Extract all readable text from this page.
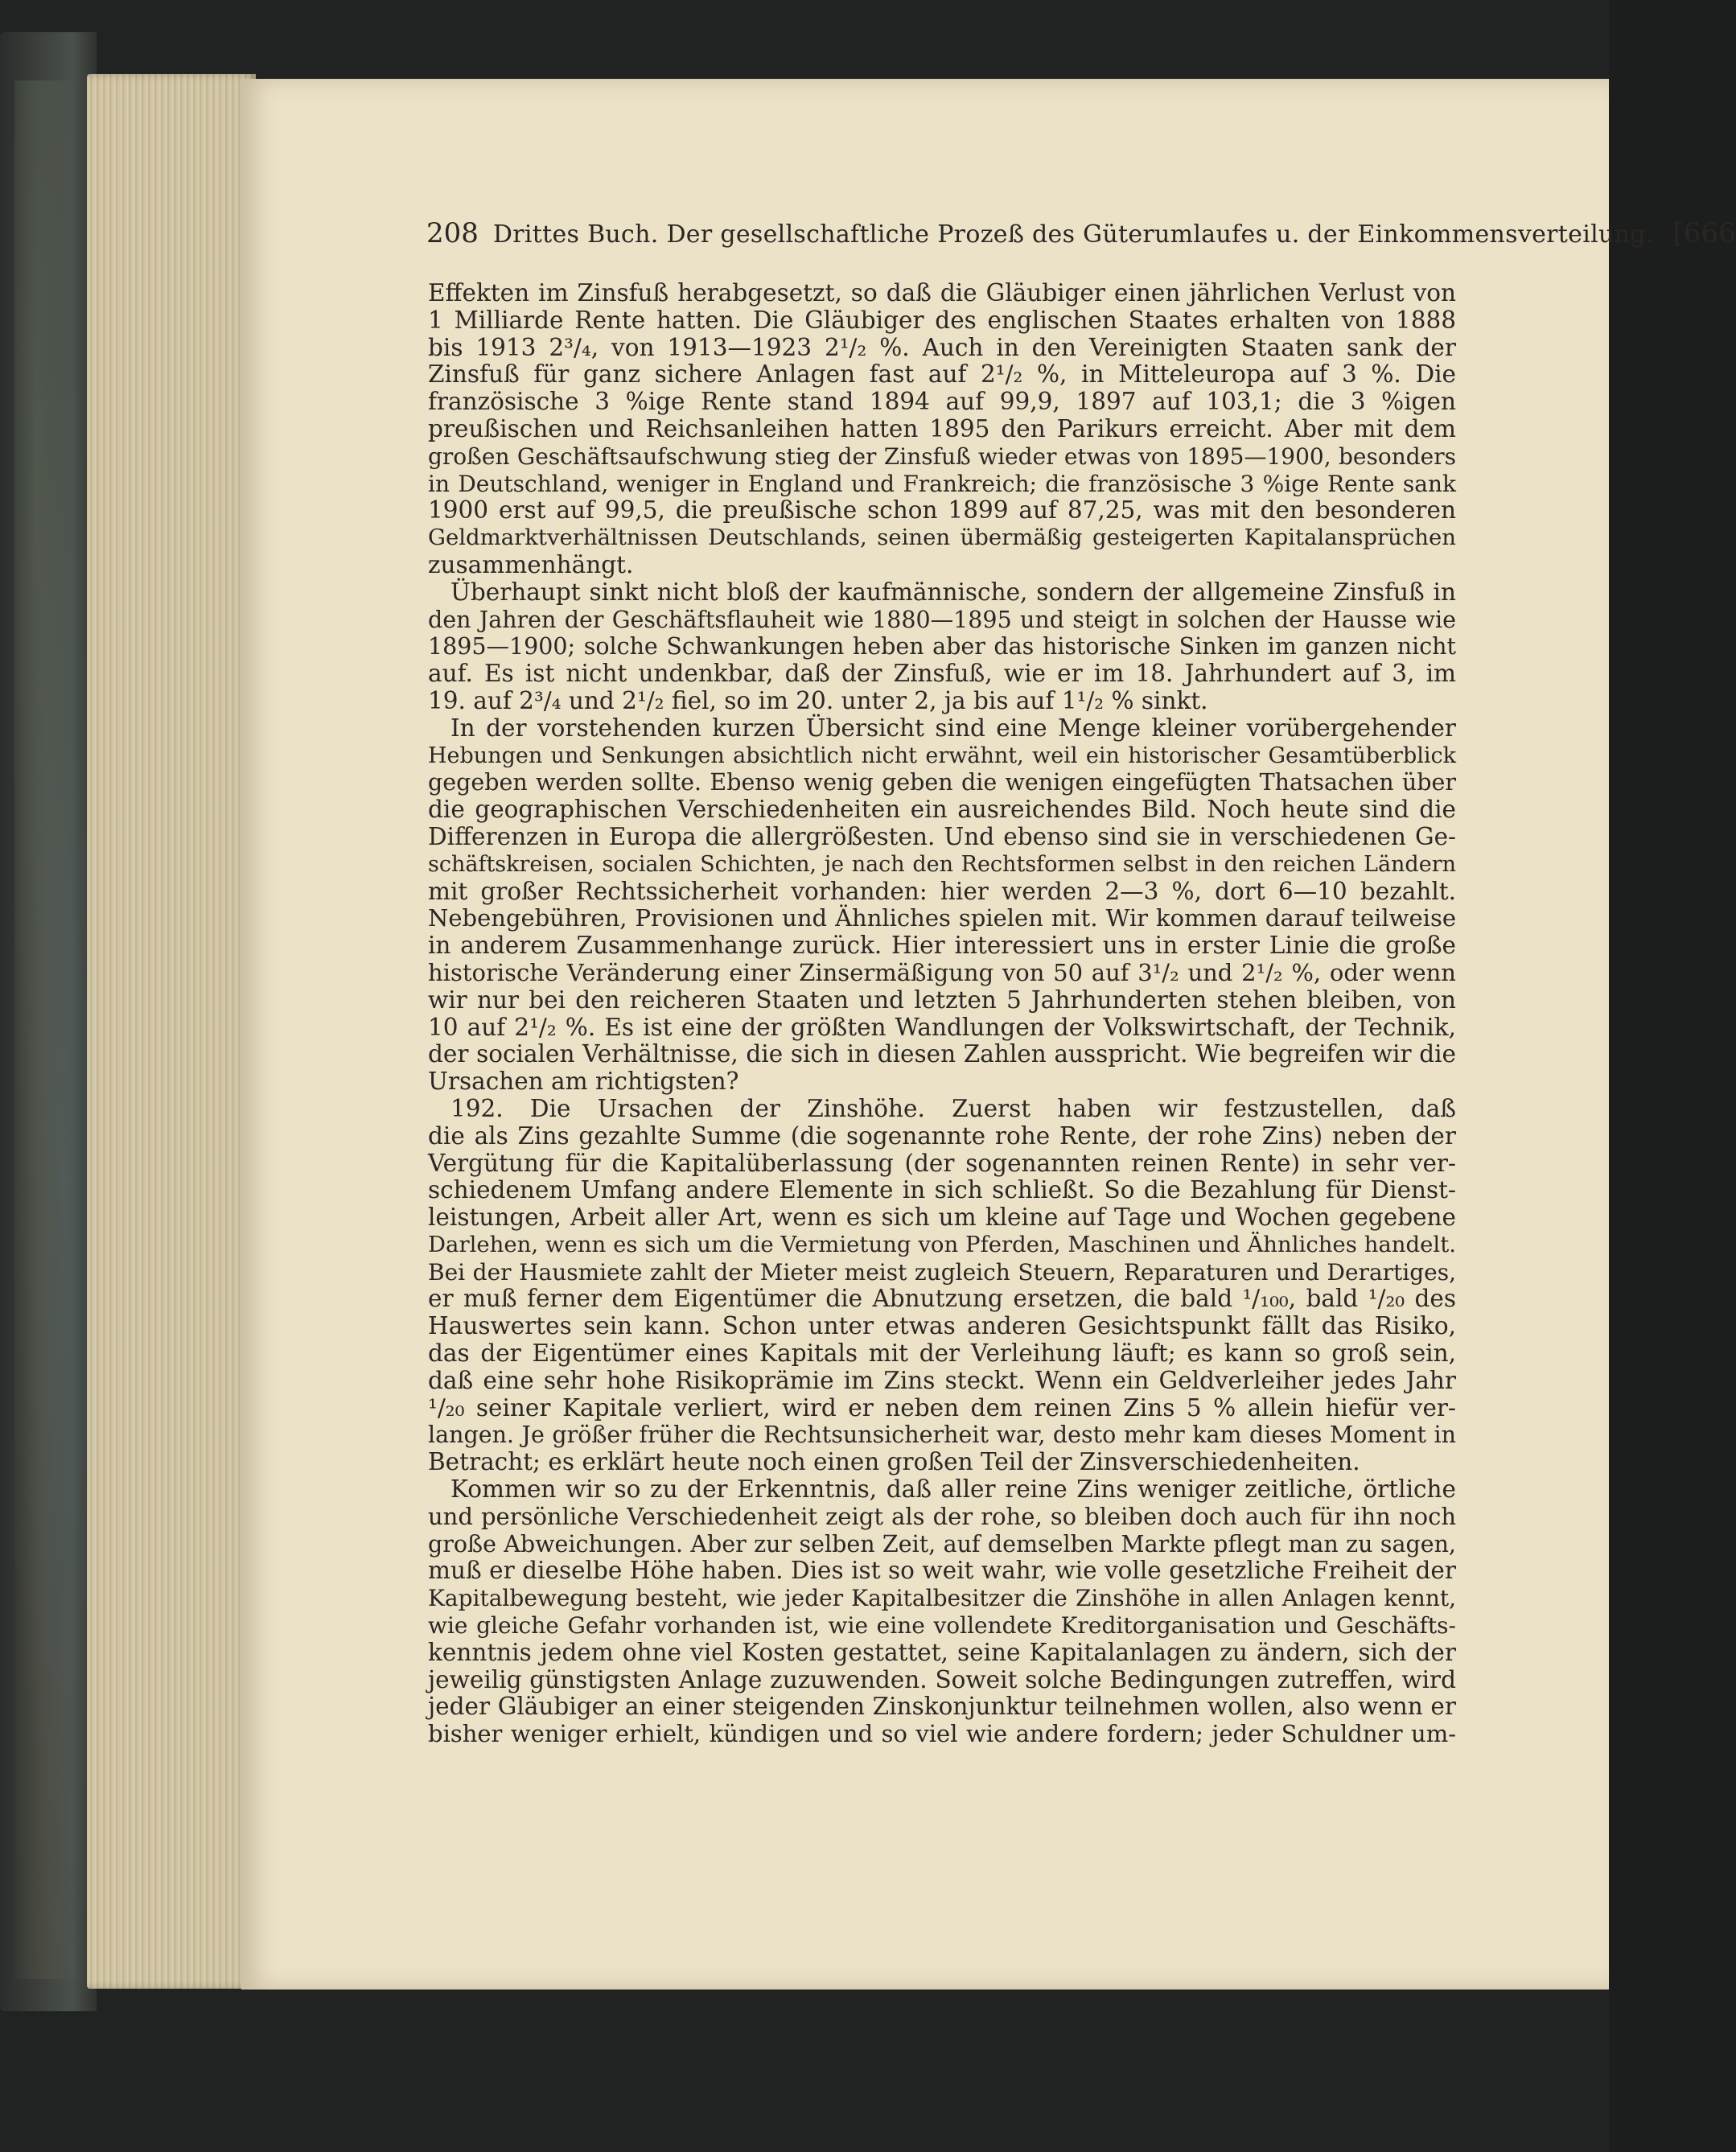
208 Drittes Buch. Der gesellschaftliche Prozeß des Güterumlaufes u. der Einkommensverteilung. [666
Effekten im Zinsfuß herabgesetzt, so daß die Gläubiger einen jährlichen Verlust von
1 Milliarde Rente hatten. Die Gläubiger des englischen Staates erhalten von 1888
bis 1913 2³/₄, von 1913—1923 2¹/₂ %. Auch in den Vereinigten Staaten sank der
Zinsfuß für ganz sichere Anlagen fast auf 2¹/₂ %, in Mitteleuropa auf 3 %. Die
französische 3 %ige Rente stand 1894 auf 99,9, 1897 auf 103,1; die 3 %igen
preußischen und Reichsanleihen hatten 1895 den Parikurs erreicht. Aber mit dem
großen Geschäftsaufschwung stieg der Zinsfuß wieder etwas von 1895—1900, besonders
in Deutschland, weniger in England und Frankreich; die französische 3 %ige Rente sank
1900 erst auf 99,5, die preußische schon 1899 auf 87,25, was mit den besonderen
Geldmarktverhältnissen Deutschlands, seinen übermäßig gesteigerten Kapitalansprüchen
zusammenhängt.
Überhaupt sinkt nicht bloß der kaufmännische, sondern der allgemeine Zinsfuß in
den Jahren der Geschäftsflauheit wie 1880—1895 und steigt in solchen der Hausse wie
1895—1900; solche Schwankungen heben aber das historische Sinken im ganzen nicht
auf. Es ist nicht undenkbar, daß der Zinsfuß, wie er im 18. Jahrhundert auf 3, im
19. auf 2³/₄ und 2¹/₂ fiel, so im 20. unter 2, ja bis auf 1¹/₂ % sinkt.
In der vorstehenden kurzen Übersicht sind eine Menge kleiner vorübergehender
Hebungen und Senkungen absichtlich nicht erwähnt, weil ein historischer Gesamtüberblick
gegeben werden sollte. Ebenso wenig geben die wenigen eingefügten Thatsachen über
die geographischen Verschiedenheiten ein ausreichendes Bild. Noch heute sind die
Differenzen in Europa die allergrößesten. Und ebenso sind sie in verschiedenen Ge-
schäftskreisen, socialen Schichten, je nach den Rechtsformen selbst in den reichen Ländern
mit großer Rechtssicherheit vorhanden: hier werden 2—3 %, dort 6—10 bezahlt.
Nebengebühren, Provisionen und Ähnliches spielen mit. Wir kommen darauf teilweise
in anderem Zusammenhange zurück. Hier interessiert uns in erster Linie die große
historische Veränderung einer Zinsermäßigung von 50 auf 3¹/₂ und 2¹/₂ %, oder wenn
wir nur bei den reicheren Staaten und letzten 5 Jahrhunderten stehen bleiben, von
10 auf 2¹/₂ %. Es ist eine der größten Wandlungen der Volkswirtschaft, der Technik,
der socialen Verhältnisse, die sich in diesen Zahlen ausspricht. Wie begreifen wir die
Ursachen am richtigsten?
192. Die Ursachen der Zinshöhe. Zuerst haben wir festzustellen, daß
die als Zins gezahlte Summe (die sogenannte rohe Rente, der rohe Zins) neben der
Vergütung für die Kapitalüberlassung (der sogenannten reinen Rente) in sehr ver-
schiedenem Umfang andere Elemente in sich schließt. So die Bezahlung für Dienst-
leistungen, Arbeit aller Art, wenn es sich um kleine auf Tage und Wochen gegebene
Darlehen, wenn es sich um die Vermietung von Pferden, Maschinen und Ähnliches handelt.
Bei der Hausmiete zahlt der Mieter meist zugleich Steuern, Reparaturen und Derartiges,
er muß ferner dem Eigentümer die Abnutzung ersetzen, die bald ¹/₁₀₀, bald ¹/₂₀ des
Hauswertes sein kann. Schon unter etwas anderen Gesichtspunkt fällt das Risiko,
das der Eigentümer eines Kapitals mit der Verleihung läuft; es kann so groß sein,
daß eine sehr hohe Risikoprämie im Zins steckt. Wenn ein Geldverleiher jedes Jahr
¹/₂₀ seiner Kapitale verliert, wird er neben dem reinen Zins 5 % allein hiefür ver-
langen. Je größer früher die Rechtsunsicherheit war, desto mehr kam dieses Moment in
Betracht; es erklärt heute noch einen großen Teil der Zinsverschiedenheiten.
Kommen wir so zu der Erkenntnis, daß aller reine Zins weniger zeitliche, örtliche
und persönliche Verschiedenheit zeigt als der rohe, so bleiben doch auch für ihn noch
große Abweichungen. Aber zur selben Zeit, auf demselben Markte pflegt man zu sagen,
muß er dieselbe Höhe haben. Dies ist so weit wahr, wie volle gesetzliche Freiheit der
Kapitalbewegung besteht, wie jeder Kapitalbesitzer die Zinshöhe in allen Anlagen kennt,
wie gleiche Gefahr vorhanden ist, wie eine vollendete Kreditorganisation und Geschäfts-
kenntnis jedem ohne viel Kosten gestattet, seine Kapitalanlagen zu ändern, sich der
jeweilig günstigsten Anlage zuzuwenden. Soweit solche Bedingungen zutreffen, wird
jeder Gläubiger an einer steigenden Zinskonjunktur teilnehmen wollen, also wenn er
bisher weniger erhielt, kündigen und so viel wie andere fordern; jeder Schuldner um-
